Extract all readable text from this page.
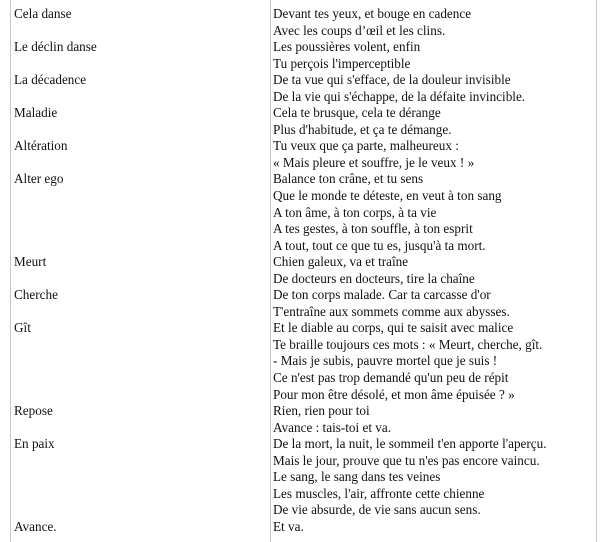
Cela danse	Devant tes yeux, et bouge en cadence
Avec les coups d’œil et les clins.
Le déclin danse	Les poussières volent, enfin
Tu perçois l'imperceptible
La décadence	De ta vue qui s'efface, de la douleur invisible
De la vie qui s'échappe, de la défaite invincible.
Maladie	Cela te brusque, cela te dérange
Plus d'habitude, et ça te démange.
Altération	Tu veux que ça parte, malheureux :
« Mais pleure et souffre, je le veux ! »
Alter ego	Balance ton crâne, et tu sens
Que le monde te déteste, en veut à ton sang
A ton âme, à ton corps, à ta vie
A tes gestes, à ton souffle, à ton esprit
A tout, tout ce que tu es, jusqu'à ta mort.
Meurt	Chien galeux, va et traîne
De docteurs en docteurs, tire la chaîne
Cherche	De ton corps malade. Car ta carcasse d'or
T'entraîne aux sommets comme aux abysses.
Gît	Et le diable au corps, qui te saisit avec malice
Te braille toujours ces mots : « Meurt, cherche, gît.
- Mais je subis, pauvre mortel que je suis !
Ce n'est pas trop demandé qu'un peu de répit
Pour mon être désolé, et mon âme épuisée ? »
Repose	Rien, rien pour toi
Avance : tais-toi et va.
En paix	De la mort, la nuit, le sommeil t'en apporte l'aperçu.
Mais le jour, prouve que tu n'es pas encore vaincu.
Le sang, le sang dans tes veines
Les muscles, l'air, affronte cette chienne
De vie absurde, de vie sans aucun sens.
Avance.	Et va.
